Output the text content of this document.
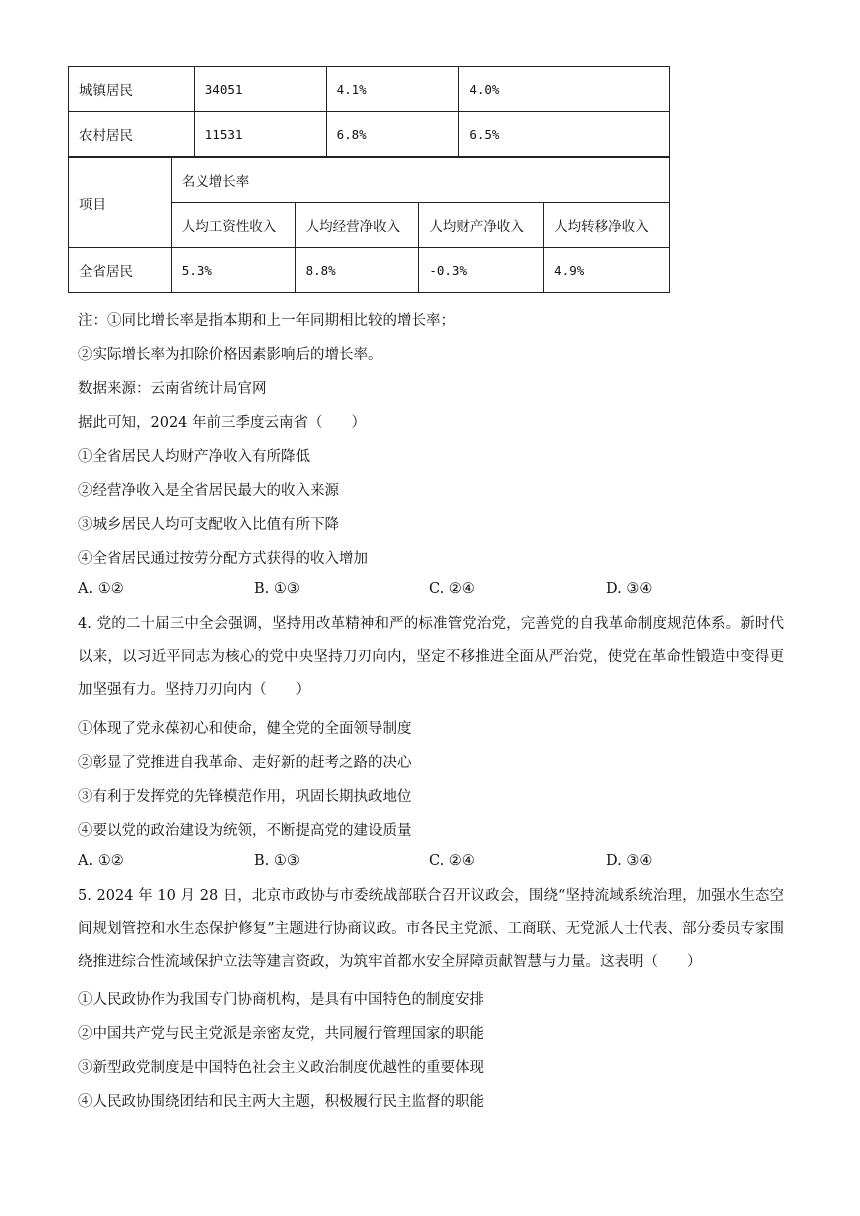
城镇居民	34051	4.1%	4.0%
农村居民	11531	6.8%	6.5%
项目	名义增长率			
	人均工资性收入	人均经营净收入	人均财产净收入	人均转移净收入
全省居民	5.3%	8.8%	-0.3%	4.9%
注：①同比增长率是指本期和上一年同期相比较的增长率；
②实际增长率为扣除价格因素影响后的增长率。
数据来源：云南省统计局官网
据此可知，2024 年前三季度云南省（　　）
①全省居民人均财产净收入有所降低
②经营净收入是全省居民最大的收入来源
③城乡居民人均可支配收入比值有所下降
④全省居民通过按劳分配方式获得的收入增加
A. ①②	B. ①③	C. ②④	D. ③④
4. 党的二十届三中全会强调，坚持用改革精神和严的标准管党治党，完善党的自我革命制度规范体系。新时代以来，以习近平同志为核心的党中央坚持刀刃向内，坚定不移推进全面从严治党，使党在革命性锻造中变得更加坚强有力。坚持刀刃向内（　　）
①体现了党永葆初心和使命，健全党的全面领导制度
②彰显了党推进自我革命、走好新的赶考之路的决心
③有利于发挥党的先锋模范作用，巩固长期执政地位
④要以党的政治建设为统领，不断提高党的建设质量
A. ①②	B. ①③	C. ②④	D. ③④
5. 2024 年 10 月 28 日，北京市政协与市委统战部联合召开议政会，围绕“坚持流域系统治理，加强水生态空间规划管控和水生态保护修复”主题进行协商议政。市各民主党派、工商联、无党派人士代表、部分委员专家围绕推进综合性流域保护立法等建言资政，为筑牢首都水安全屏障贡献智慧与力量。这表明（　　）
①人民政协作为我国专门协商机构，是具有中国特色的制度安排
②中国共产党与民主党派是亲密友党，共同履行管理国家的职能
③新型政党制度是中国特色社会主义政治制度优越性的重要体现
④人民政协围绕团结和民主两大主题，积极履行民主监督的职能
